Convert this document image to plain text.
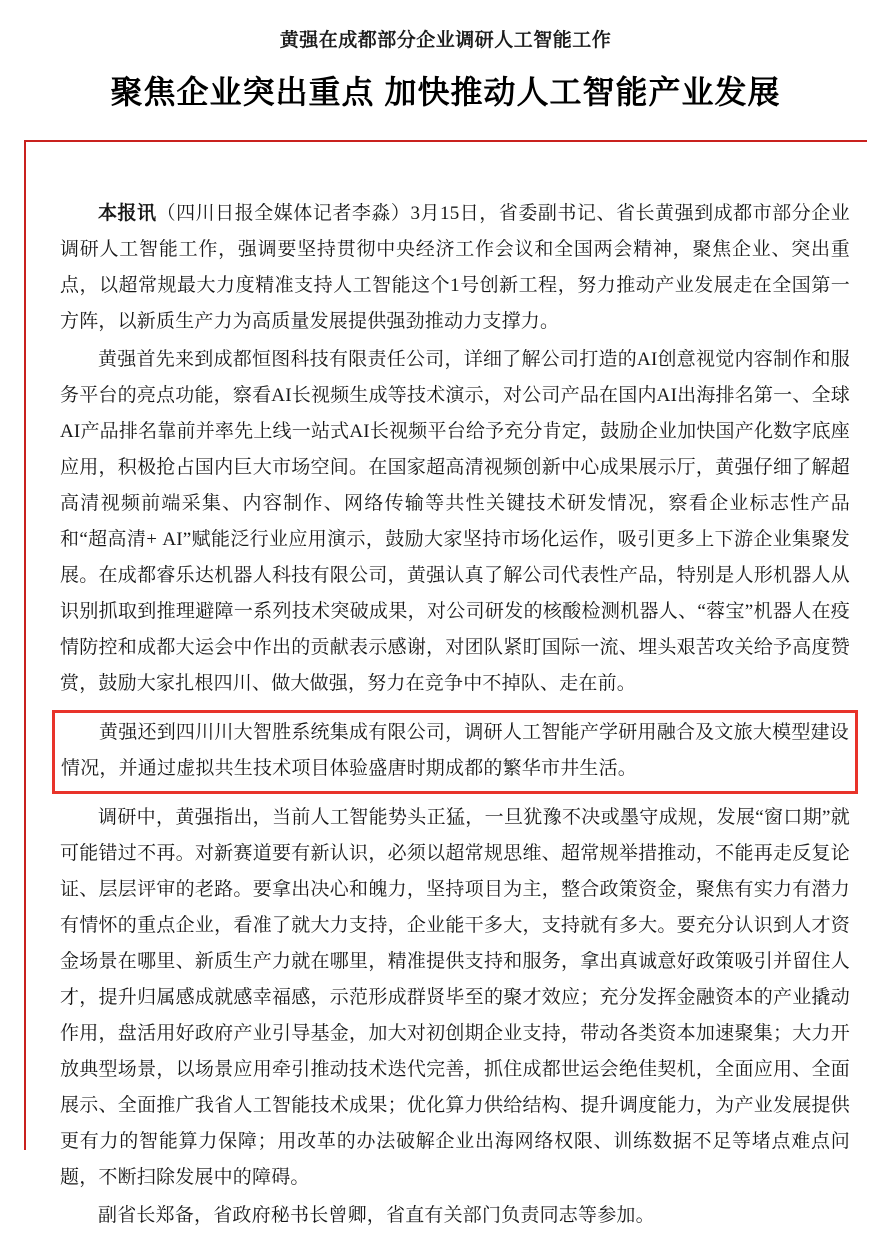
黄强在成都部分企业调研人工智能工作
聚焦企业突出重点 加快推动人工智能产业发展

本报讯（四川日报全媒体记者李淼）3月15日，省委副书记、省长黄强到成都市部分企业调研人工智能工作，强调要坚持贯彻中央经济工作会议和全国两会精神，聚焦企业、突出重点，以超常规最大力度精准支持人工智能这个1号创新工程，努力推动产业发展走在全国第一方阵，以新质生产力为高质量发展提供强劲推动力支撑力。

黄强首先来到成都恒图科技有限责任公司，详细了解公司打造的AI创意视觉内容制作和服务平台的亮点功能，察看AI长视频生成等技术演示，对公司产品在国内AI出海排名第一、全球AI产品排名靠前并率先上线一站式AI长视频平台给予充分肯定，鼓励企业加快国产化数字底座应用，积极抢占国内巨大市场空间。在国家超高清视频创新中心成果展示厅，黄强仔细了解超高清视频前端采集、内容制作、网络传输等共性关键技术研发情况，察看企业标志性产品和“超高清+ AI”赋能泛行业应用演示，鼓励大家坚持市场化运作，吸引更多上下游企业集聚发展。在成都睿乐达机器人科技有限公司，黄强认真了解公司代表性产品，特别是人形机器人从识别抓取到推理避障一系列技术突破成果，对公司研发的核酸检测机器人、“蓉宝”机器人在疫情防控和成都大运会中作出的贡献表示感谢，对团队紧盯国际一流、埋头艰苦攻关给予高度赞赏，鼓励大家扎根四川、做大做强，努力在竞争中不掉队、走在前。

黄强还到四川川大智胜系统集成有限公司，调研人工智能产学研用融合及文旅大模型建设情况，并通过虚拟共生技术项目体验盛唐时期成都的繁华市井生活。

调研中，黄强指出，当前人工智能势头正猛，一旦犹豫不决或墨守成规，发展“窗口期”就可能错过不再。对新赛道要有新认识，必须以超常规思维、超常规举措推动，不能再走反复论证、层层评审的老路。要拿出决心和魄力，坚持项目为主，整合政策资金，聚焦有实力有潜力有情怀的重点企业，看准了就大力支持，企业能干多大，支持就有多大。要充分认识到人才资金场景在哪里、新质生产力就在哪里，精准提供支持和服务，拿出真诚意好政策吸引并留住人才，提升归属感成就感幸福感，示范形成群贤毕至的聚才效应；充分发挥金融资本的产业撬动作用，盘活用好政府产业引导基金，加大对初创期企业支持，带动各类资本加速聚集；大力开放典型场景，以场景应用牵引推动技术迭代完善，抓住成都世运会绝佳契机，全面应用、全面展示、全面推广我省人工智能技术成果；优化算力供给结构、提升调度能力，为产业发展提供更有力的智能算力保障；用改革的办法破解企业出海网络权限、训练数据不足等堵点难点问题，不断扫除发展中的障碍。

副省长郑备，省政府秘书长曾卿，省直有关部门负责同志等参加。
